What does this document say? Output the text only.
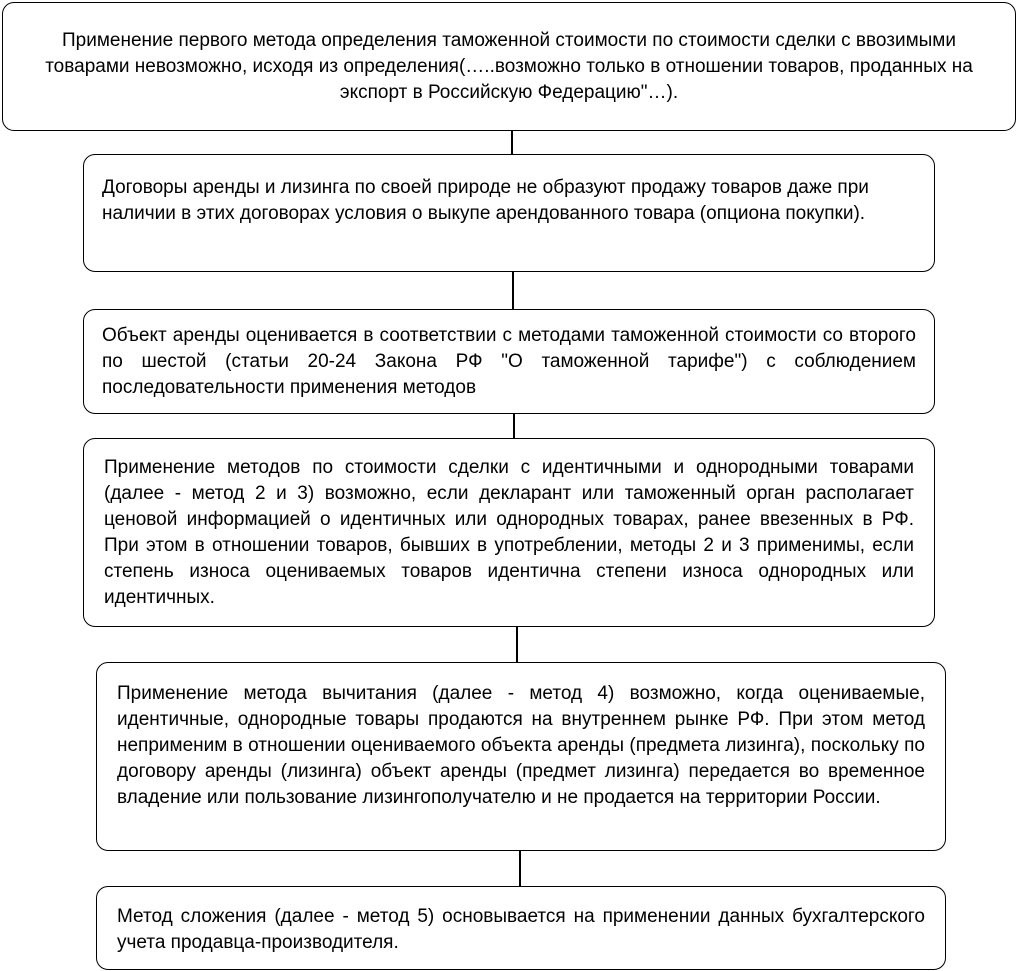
Применение первого метода определения таможенной стоимости по стоимости сделки с ввозимыми товарами невозможно, исходя из определения(…..возможно только в отношении товаров, проданных на экспорт в Российскую Федерацию"…).

Договоры аренды и лизинга по своей природе не образуют продажу товаров даже при наличии в этих договорах условия о выкупе арендованного товара (опциона покупки).

Объект аренды оценивается в соответствии с методами таможенной стоимости со второго по шестой (статьи 20-24 Закона РФ "О таможенной тарифе") с соблюдением последовательности применения методов

Применение методов по стоимости сделки с идентичными и однородными товарами (далее - метод 2 и 3) возможно, если декларант или таможенный орган располагает ценовой информацией о идентичных или однородных товарах, ранее ввезенных в РФ. При этом в отношении товаров, бывших в употреблении, методы 2 и 3 применимы, если степень износа оцениваемых товаров идентична степени износа однородных или идентичных.

Применение метода вычитания (далее - метод 4) возможно, когда оцениваемые, идентичные, однородные товары продаются на внутреннем рынке РФ. При этом метод неприменим в отношении оцениваемого объекта аренды (предмета лизинга), поскольку по договору аренды (лизинга) объект аренды (предмет лизинга) передается во временное владение или пользование лизингополучателю и не продается на территории России.

Метод сложения (далее - метод 5) основывается на применении данных бухгалтерского учета продавца-производителя.
